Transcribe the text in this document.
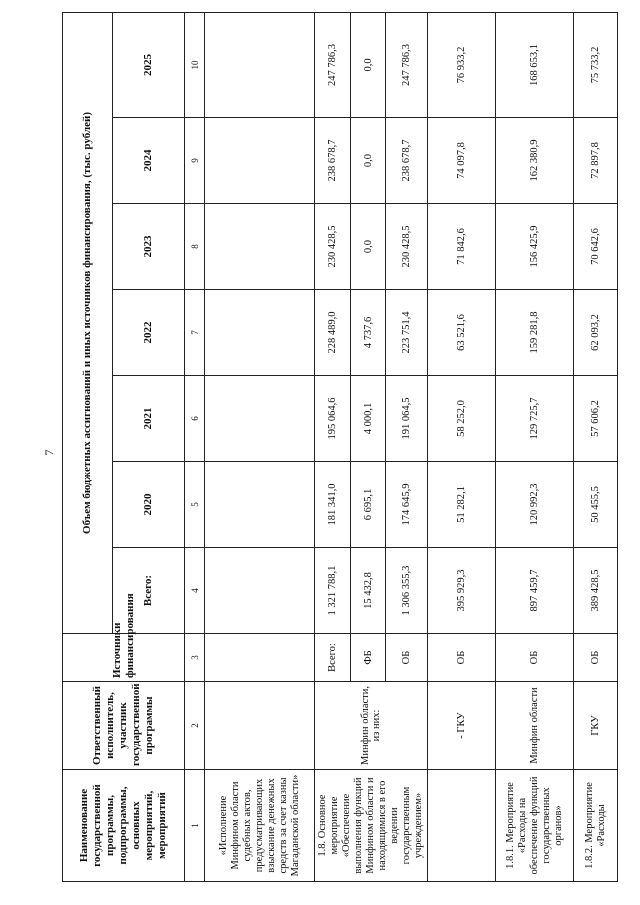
7
Наименование государственной программы, подпрограммы, основных мероприятий, мероприятий	Ответственный исполнитель, участник государственной программы	Источники финансирования	Объем бюджетных ассигнований и иных источников финансирования, (тыс. рублей)						
			Всего:	2020	2021	2022	2023	2024	2025
1	2	3	4	5	6	7	8	9	10
«Исполнение Минфином области судебных актов, предусматривающих взыскание денежных средств за счет казны Магаданской области»									
1.8. Основное мероприятие «Обеспечение выполнения функций Минфином области и находящимися в его ведении государственным учреждением»	Минфин области, из них:	Всего:	1 321 788,1	181 341,0	195 064,6	228 489,0	230 428,5	238 678,7	247 786,3
		ФБ	15 432,8	6 695,1	4 000,1	4 737,6	0,0	0,0	0,0
		ОБ	1 306 355,3	174 645,9	191 064,5	223 751,4	230 428,5	238 678,7	247 786,3
	- ГКУ	ОБ	395 929,3	51 282,1	58 252,0	63 521,6	71 842,6	74 097,8	76 933,2
1.8.1. Мероприятие «Расходы на обеспечение функций государственных органов»	Минфин области	ОБ	897 459,7	120 992,3	129 725,7	159 281,8	156 425,9	162 380,9	168 653,1
1.8.2. Мероприятие «Расходы	ГКУ	ОБ	389 428,5	50 455,5	57 606,2	62 093,2	70 642,6	72 897,8	75 733,2
